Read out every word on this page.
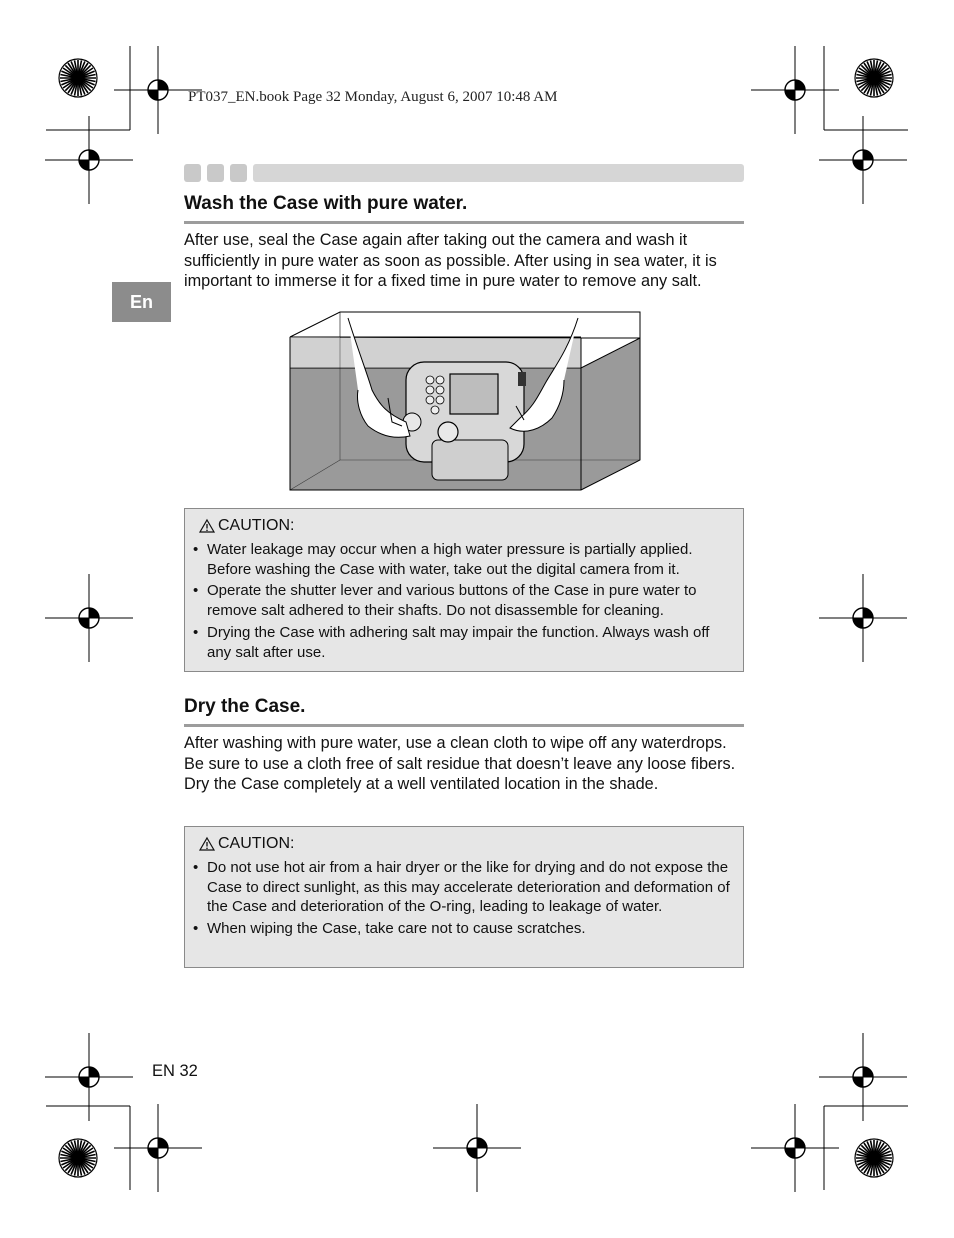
PT037_EN.book Page 32 Monday, August 6, 2007 10:48 AM
En
Wash the Case with pure water.
After use, seal the Case again after taking out the camera and wash it sufficiently in pure water as soon as possible. After using in sea water, it is important to immerse it for a fixed time in pure water to remove any salt.
CAUTION:
• Water leakage may occur when a high water pressure is partially applied. Before washing the Case with water, take out the digital camera from it.
• Operate the shutter lever and various buttons of the Case in pure water to remove salt adhered to their shafts. Do not disassemble for cleaning.
• Drying the Case with adhering salt may impair the function. Always wash off any salt after use.
Dry the Case.
After washing with pure water, use a clean cloth to wipe off any waterdrops. Be sure to use a cloth free of salt residue that doesn’t leave any loose fibers. Dry the Case completely at a well ventilated location in the shade.
CAUTION:
• Do not use hot air from a hair dryer or the like for drying and do not expose the Case to direct sunlight, as this may accelerate deterioration and deformation of the Case and deterioration of the O-ring, leading to leakage of water.
• When wiping the Case, take care not to cause scratches.
EN 32
